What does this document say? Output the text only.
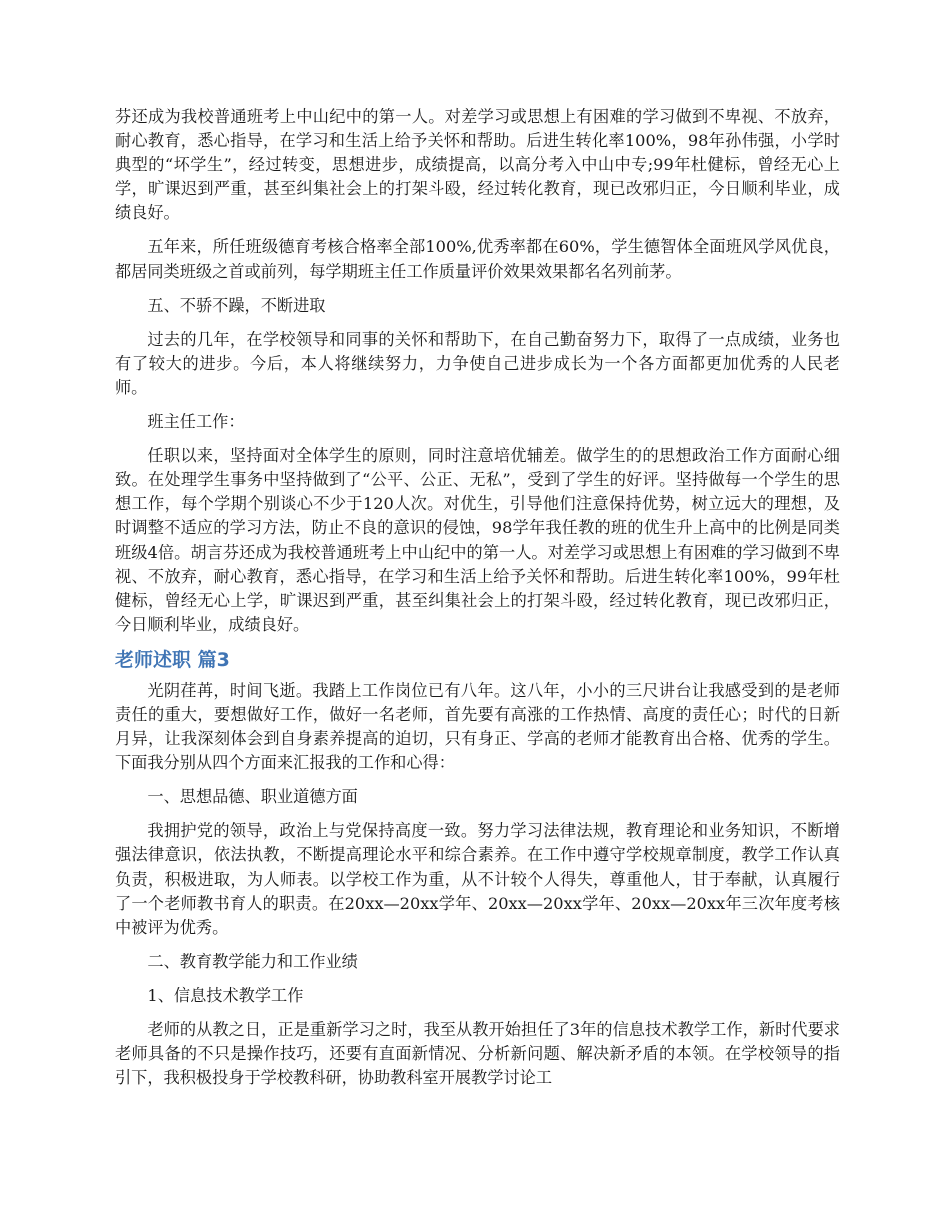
芬还成为我校普通班考上中山纪中的第一人。对差学习或思想上有困难的学习做到不卑视、不放弃，耐心教育，悉心指导，在学习和生活上给予关怀和帮助。后进生转化率100%，98年孙伟强，小学时典型的“坏学生”，经过转变，思想进步，成绩提高，以高分考入中山中专;99年杜健标，曾经无心上学，旷课迟到严重，甚至纠集社会上的打架斗殴，经过转化教育，现已改邪归正，今日顺利毕业，成绩良好。

五年来，所任班级德育考核合格率全部100%,优秀率都在60%，学生德智体全面班风学风优良，都居同类班级之首或前列，每学期班主任工作质量评价效果效果都名名列前茅。

五、不骄不躁，不断进取

过去的几年，在学校领导和同事的关怀和帮助下，在自己勤奋努力下，取得了一点成绩，业务也有了较大的进步。今后，本人将继续努力，力争使自己进步成长为一个各方面都更加优秀的人民老师。

班主任工作：

任职以来，坚持面对全体学生的原则，同时注意培优辅差。做学生的的思想政治工作方面耐心细致。在处理学生事务中坚持做到了“公平、公正、无私”，受到了学生的好评。坚持做每一个学生的思想工作，每个学期个别谈心不少于120人次。对优生，引导他们注意保持优势，树立远大的理想，及时调整不适应的学习方法，防止不良的意识的侵蚀，98学年我任教的班的优生升上高中的比例是同类班级4倍。胡言芬还成为我校普通班考上中山纪中的第一人。对差学习或思想上有困难的学习做到不卑视、不放弃，耐心教育，悉心指导，在学习和生活上给予关怀和帮助。后进生转化率100%，99年杜健标，曾经无心上学，旷课迟到严重，甚至纠集社会上的打架斗殴，经过转化教育，现已改邪归正，今日顺利毕业，成绩良好。

老师述职 篇3

光阴荏苒，时间飞逝。我踏上工作岗位已有八年。这八年，小小的三尺讲台让我感受到的是老师责任的重大，要想做好工作，做好一名老师，首先要有高涨的工作热情、高度的责任心；时代的日新月异，让我深刻体会到自身素养提高的迫切，只有身正、学高的老师才能教育出合格、优秀的学生。下面我分别从四个方面来汇报我的工作和心得：

一、思想品德、职业道德方面

我拥护党的领导，政治上与党保持高度一致。努力学习法律法规，教育理论和业务知识，不断增强法律意识，依法执教，不断提高理论水平和综合素养。在工作中遵守学校规章制度，教学工作认真负责，积极进取，为人师表。以学校工作为重，从不计较个人得失，尊重他人，甘于奉献，认真履行了一个老师教书育人的职责。在20xx—20xx学年、20xx—20xx学年、20xx—20xx年三次年度考核中被评为优秀。

二、教育教学能力和工作业绩

1、信息技术教学工作

老师的从教之日，正是重新学习之时，我至从教开始担任了3年的信息技术教学工作，新时代要求老师具备的不只是操作技巧，还要有直面新情况、分析新问题、解决新矛盾的本领。在学校领导的指引下，我积极投身于学校教科研，协助教科室开展教学讨论工
